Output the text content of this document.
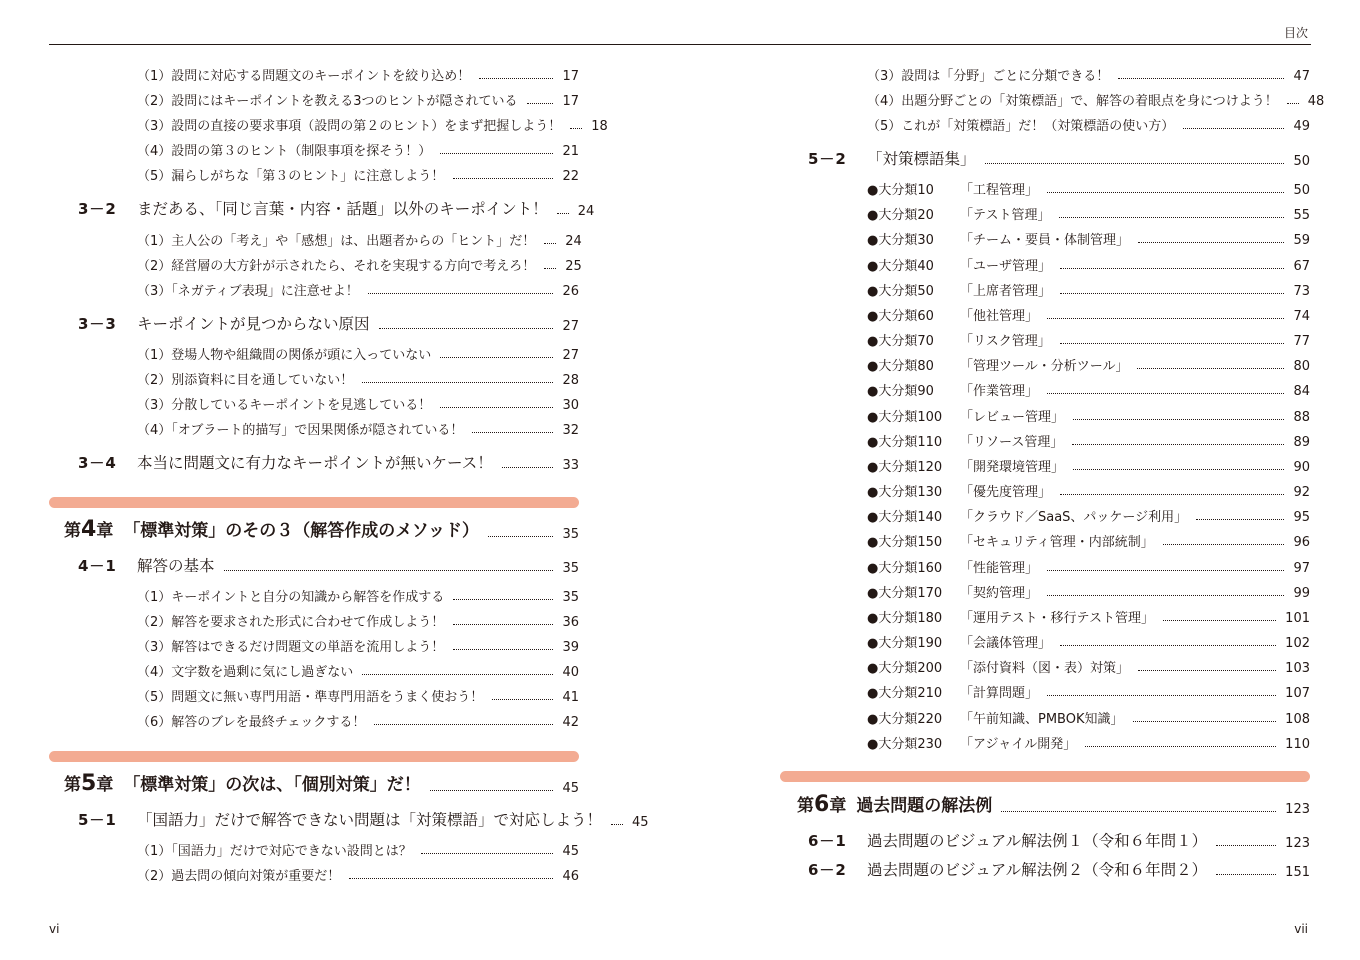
目次
（1）設問に対応する問題文のキーポイントを絞り込め！	17
（2）設問にはキーポイントを教える3つのヒントが隠されている	17
（3）設問の直接の要求事項（設問の第２のヒント）をまず把握しよう！ 18
（4）設問の第３のヒント（制限事項を探そう！）	21
（5）漏らしがちな「第３のヒント」に注意しよう！	22
3－2 まだある、「同じ言葉・内容・話題」以外のキーポイント！ 24
（1）主人公の「考え」や「感想」は、出題者からの「ヒント」だ！ 24
（2）経営層の大方針が示されたら、それを実現する方向で考えろ！ 25
（3）「ネガティブ表現」に注意せよ！	26
3－3 キーポイントが見つからない原因	27
（1）登場人物や組織間の関係が頭に入っていない	27
（2）別添資料に目を通していない！	28
（3）分散しているキーポイントを見逃している！	30
（4）「オブラート的描写」で因果関係が隠されている！	32
3－4 本当に問題文に有力なキーポイントが無いケース！	33
第4章 「標準対策」のその３（解答作成のメソッド）	35
4－1 解答の基本	35
（1）キーポイントと自分の知識から解答を作成する	35
（2）解答を要求された形式に合わせて作成しよう！	36
（3）解答はできるだけ問題文の単語を流用しよう！	39
（4）文字数を過剰に気にし過ぎない	40
（5）問題文に無い専門用語・準専門用語をうまく使おう！	41
（6）解答のブレを最終チェックする！	42
第5章 「標準対策」の次は、「個別対策」だ！	45
5－1 「国語力」だけで解答できない問題は「対策標語」で対応しよう！ 45
（1）「国語力」だけで対応できない設問とは？	45
（2）過去問の傾向対策が重要だ！	46
（3）設問は「分野」ごとに分類できる！	47
（4）出題分野ごとの「対策標語」で、解答の着眼点を身につけよう！ 48
（5）これが「対策標語」だ！（対策標語の使い方）	49
5－2 「対策標語集」	50
●大分類10 「工程管理」	50
●大分類20 「テスト管理」	55
●大分類30 「チーム・要員・体制管理」	59
●大分類40 「ユーザ管理」	67
●大分類50 「上席者管理」	73
●大分類60 「他社管理」	74
●大分類70 「リスク管理」	77
●大分類80 「管理ツール・分析ツール」	80
●大分類90 「作業管理」	84
●大分類100 「レビュー管理」	88
●大分類110 「リソース管理」	89
●大分類120 「開発環境管理」	90
●大分類130 「優先度管理」	92
●大分類140 「クラウド／SaaS、パッケージ利用」	95
●大分類150 「セキュリティ管理・内部統制」	96
●大分類160 「性能管理」	97
●大分類170 「契約管理」	99
●大分類180 「運用テスト・移行テスト管理」	101
●大分類190 「会議体管理」	102
●大分類200 「添付資料（図・表）対策」	103
●大分類210 「計算問題」	107
●大分類220 「午前知識、PMBOK知識」	108
●大分類230 「アジャイル開発」	110
第6章 過去問題の解法例	123
6－1 過去問題のビジュアル解法例１（令和６年問１）	123
6－2 過去問題のビジュアル解法例２（令和６年問２）	151
vi	vii
